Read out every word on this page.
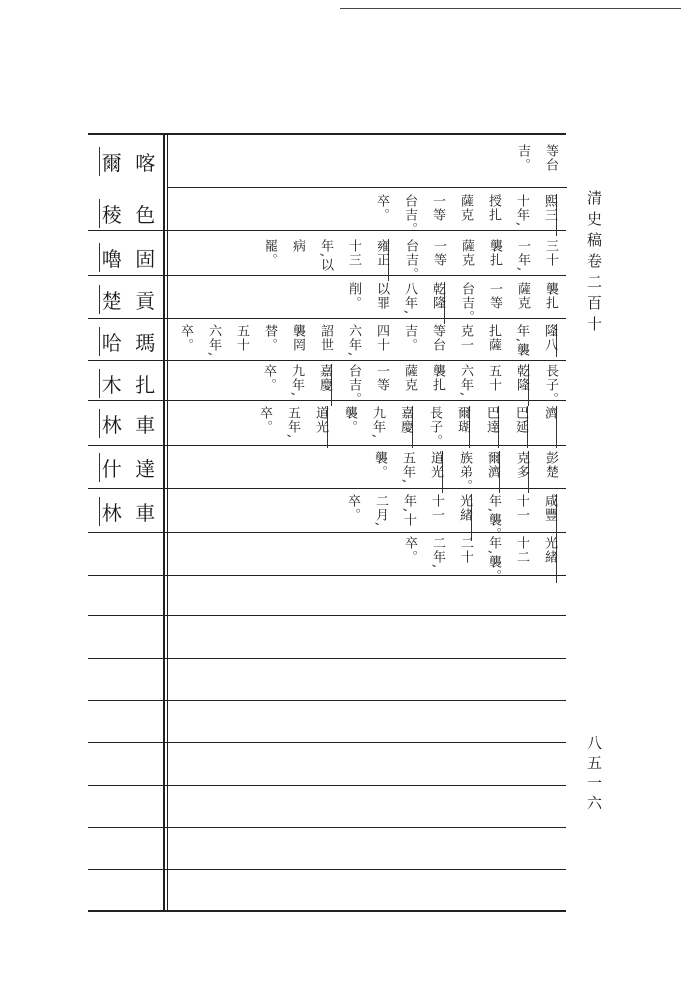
爾 喀
稜 色
嚕 固
楚 貢
哈 瑪
木 扎
林 車
什 達
林 車
等台
吉。
熙三
十年,
授扎
薩克
一等
台吉。
卒。
三十
一年,
襲扎
薩克
一等
台吉。
雍正
十三
年,以
病
罷。
襲扎
薩克
一等
台吉。
乾隆
八年,
以罪
削。
隆八
年,襲
扎薩
克一
等台
吉。
四十
六年,
詔世
襲罔
替。
五十
六年,
卒。
長子。
乾隆
五十
六年,
襲扎
薩克
一等
台吉。
嘉慶
九年,
卒。
濟
巴延
巴達
爾瑚
長子。
嘉慶
九年,
襲。
道光
五年,
卒。
彭楚
克多
爾濟
族弟。
道光
五年,
襲。
咸豐
十一
年,襲。
光緒
十一
年,十
二月,
卒。
光緒
十二
年,襲。
二十
二年,
卒。
清史稿卷二百十
八五一六
